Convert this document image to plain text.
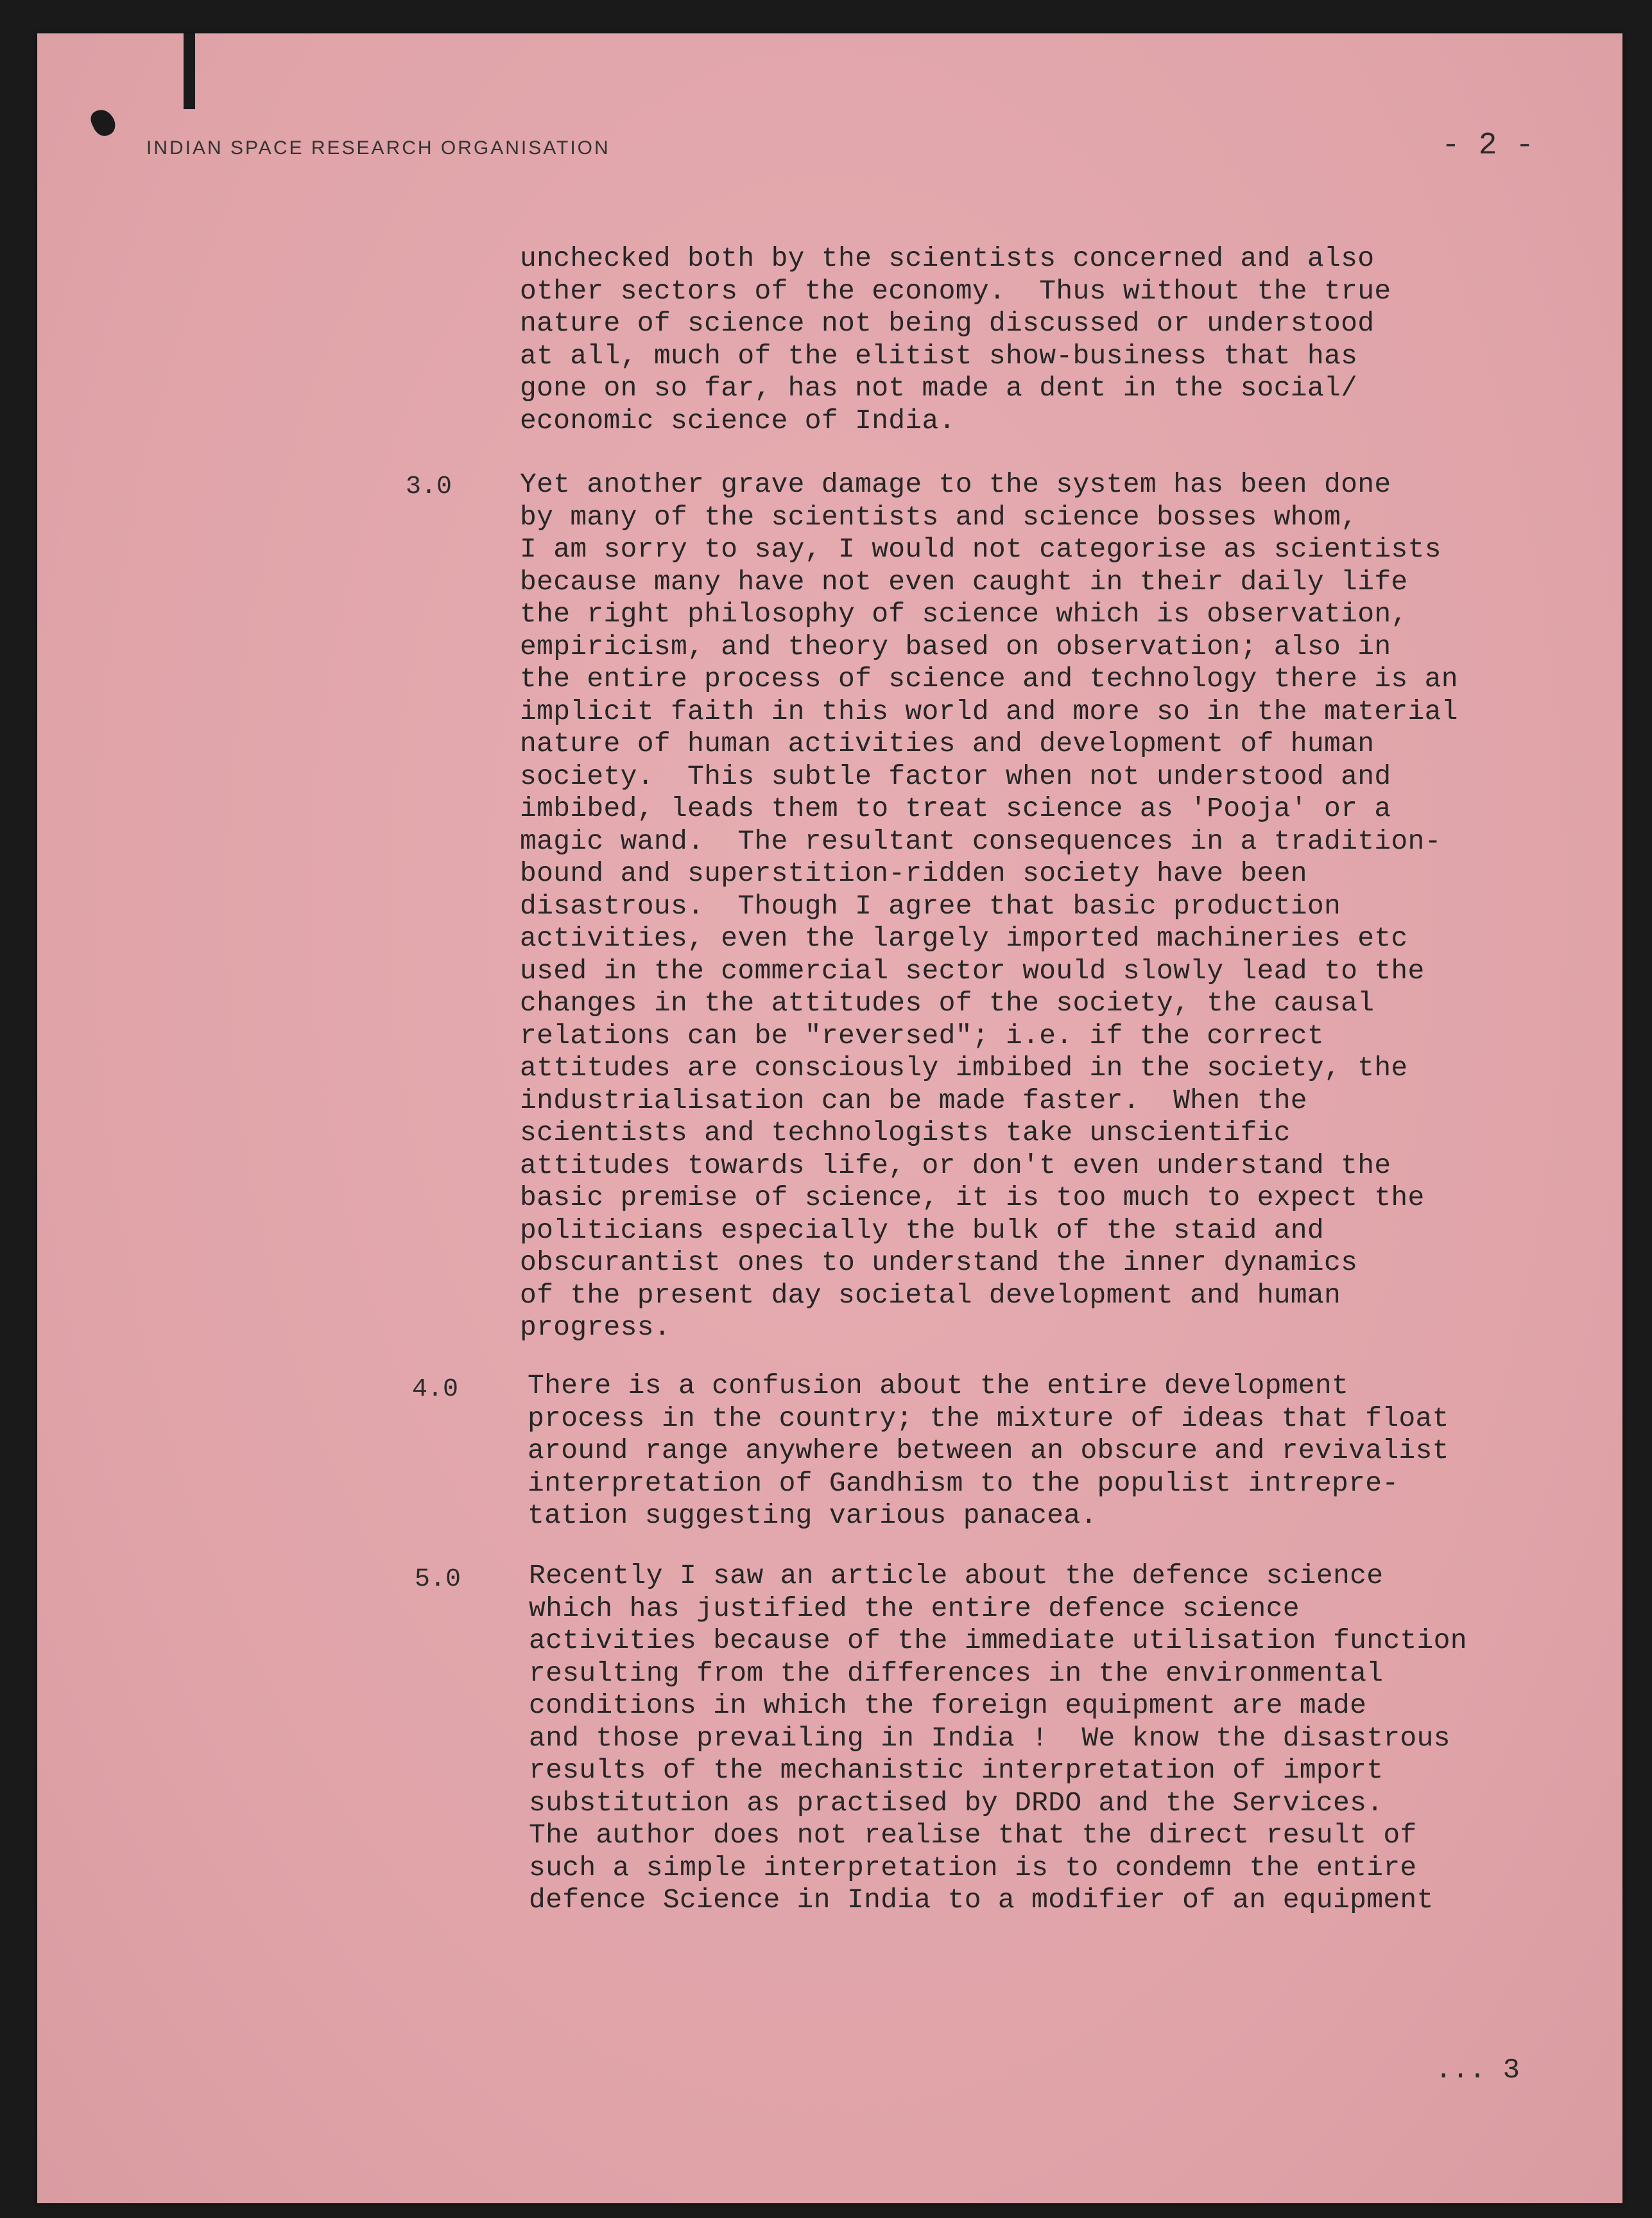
INDIAN SPACE RESEARCH ORGANISATION	- 2 -
unchecked both by the scientists concerned and also
other sectors of the economy.  Thus without the true
nature of science not being discussed or understood
at all, much of the elitist show-business that has
gone on so far, has not made a dent in the social/
economic science of India.
3.0 Yet another grave damage to the system has been done
by many of the scientists and science bosses whom,
I am sorry to say, I would not categorise as scientists
because many have not even caught in their daily life
the right philosophy of science which is observation,
empiricism, and theory based on observation; also in
the entire process of science and technology there is an
implicit faith in this world and more so in the material
nature of human activities and development of human
society.  This subtle factor when not understood and
imbibed, leads them to treat science as 'Pooja' or a
magic wand.  The resultant consequences in a tradition-
bound and superstition-ridden society have been
disastrous.  Though I agree that basic production
activities, even the largely imported machineries etc
used in the commercial sector would slowly lead to the
changes in the attitudes of the society, the causal
relations can be "reversed"; i.e. if the correct
attitudes are consciously imbibed in the society, the
industrialisation can be made faster.  When the
scientists and technologists take unscientific
attitudes towards life, or don't even understand the
basic premise of science, it is too much to expect the
politicians especially the bulk of the staid and
obscurantist ones to understand the inner dynamics
of the present day societal development and human
progress.
4.0	There is a confusion about the entire development
process in the country; the mixture of ideas that float
around range anywhere between an obscure and revivalist
interpretation of Gandhism to the populist intrepre-
tation suggesting various panacea.
5.0 Recently I saw an article about the defence science
which has justified the entire defence science
activities because of the immediate utilisation function
resulting from the differences in the environmental
conditions in which the foreign equipment are made
and those prevailing in India !  We know the disastrous
results of the mechanistic interpretation of import
substitution as practised by DRDO and the Services.
The author does not realise that the direct result of
such a simple interpretation is to condemn the entire
defence Science in India to a modifier of an equipment
... 3
